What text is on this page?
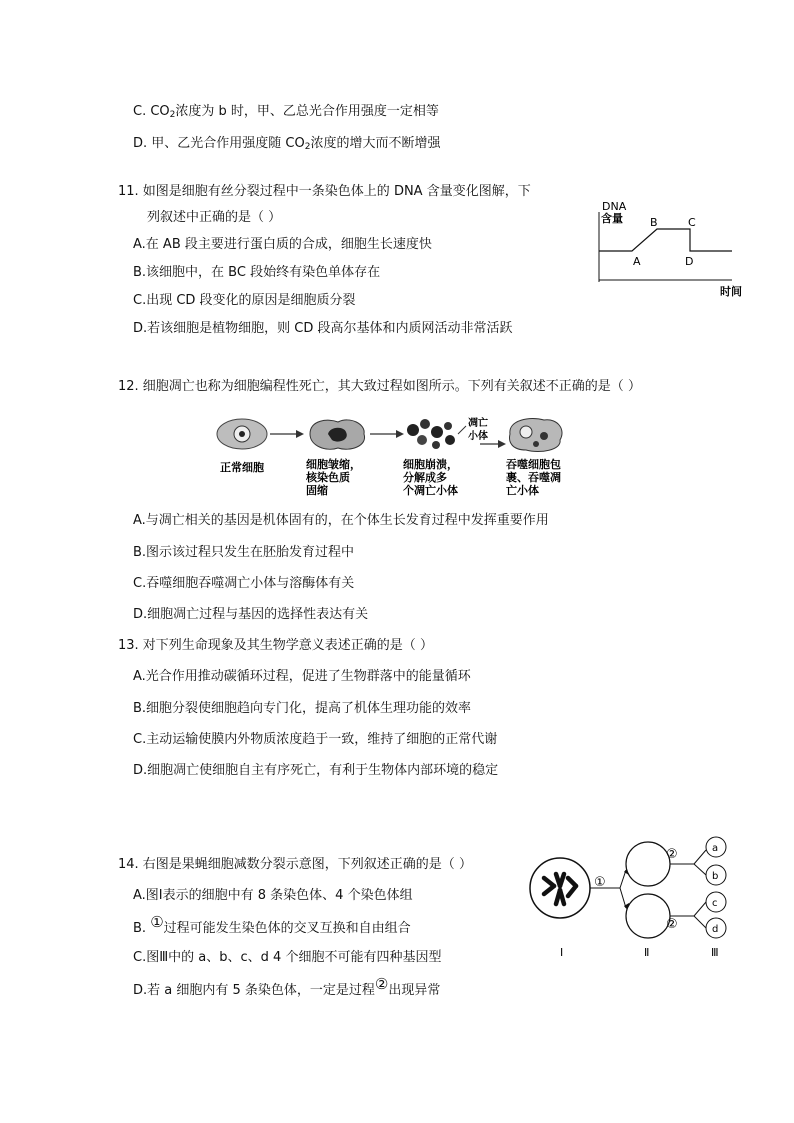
C. $CO_2$浓度为 b 时，甲、乙总光合作用强度一定相等
D. 甲、乙光合作用强度随 $CO_2$浓度的增大而不断增强
11. 如图是细胞有丝分裂过程中一条染色体上的 DNA 含量变化图解，下
列叙述中正确的是（ ）
A.在 AB 段主要进行蛋白质的合成，细胞生长速度快
B.该细胞中，在 BC 段始终有染色单体存在
C.出现 CD 段变化的原因是细胞质分裂
D.若该细胞是植物细胞，则 CD 段高尔基体和内质网活动非常活跃
DNA
含量
A
B	C
D
时间
12. 细胞凋亡也称为细胞编程性死亡，其大致过程如图所示。下列有关叙述不正确的是（ ）
凋亡
小体
正常细胞	细胞皱缩，
核染色质
固缩
细胞崩溃，
分解成多
个凋亡小体
吞噬细胞包
裹、吞噬凋
亡小体
A.与凋亡相关的基因是机体固有的，在个体生长发育过程中发挥重要作用
B.图示该过程只发生在胚胎发育过程中
C.吞噬细胞吞噬凋亡小体与溶酶体有关
D.细胞凋亡过程与基因的选择性表达有关
13. 对下列生命现象及其生物学意义表述正确的是（ ）
A.光合作用推动碳循环过程，促进了生物群落中的能量循环
B.细胞分裂使细胞趋向专门化，提高了机体生理功能的效率
C.主动运输使膜内外物质浓度趋于一致，维持了细胞的正常代谢
D.细胞凋亡使细胞自主有序死亡，有利于生物体内部环境的稳定
14. 右图是果蝇细胞减数分裂示意图，下列叙述正确的是（ ）
A.图Ⅰ表示的细胞中有 8 条染色体、4 个染色体组
B. ①过程可能发生染色体的交叉互换和自由组合
C.图Ⅲ中的 a、b、c、d 4 个细胞不可能有四种基因型
D.若 a 细胞内有 5 条染色体，一定是过程②出现异常
①
②
②
a
b
c
d
Ⅰ	Ⅱ	Ⅲ
